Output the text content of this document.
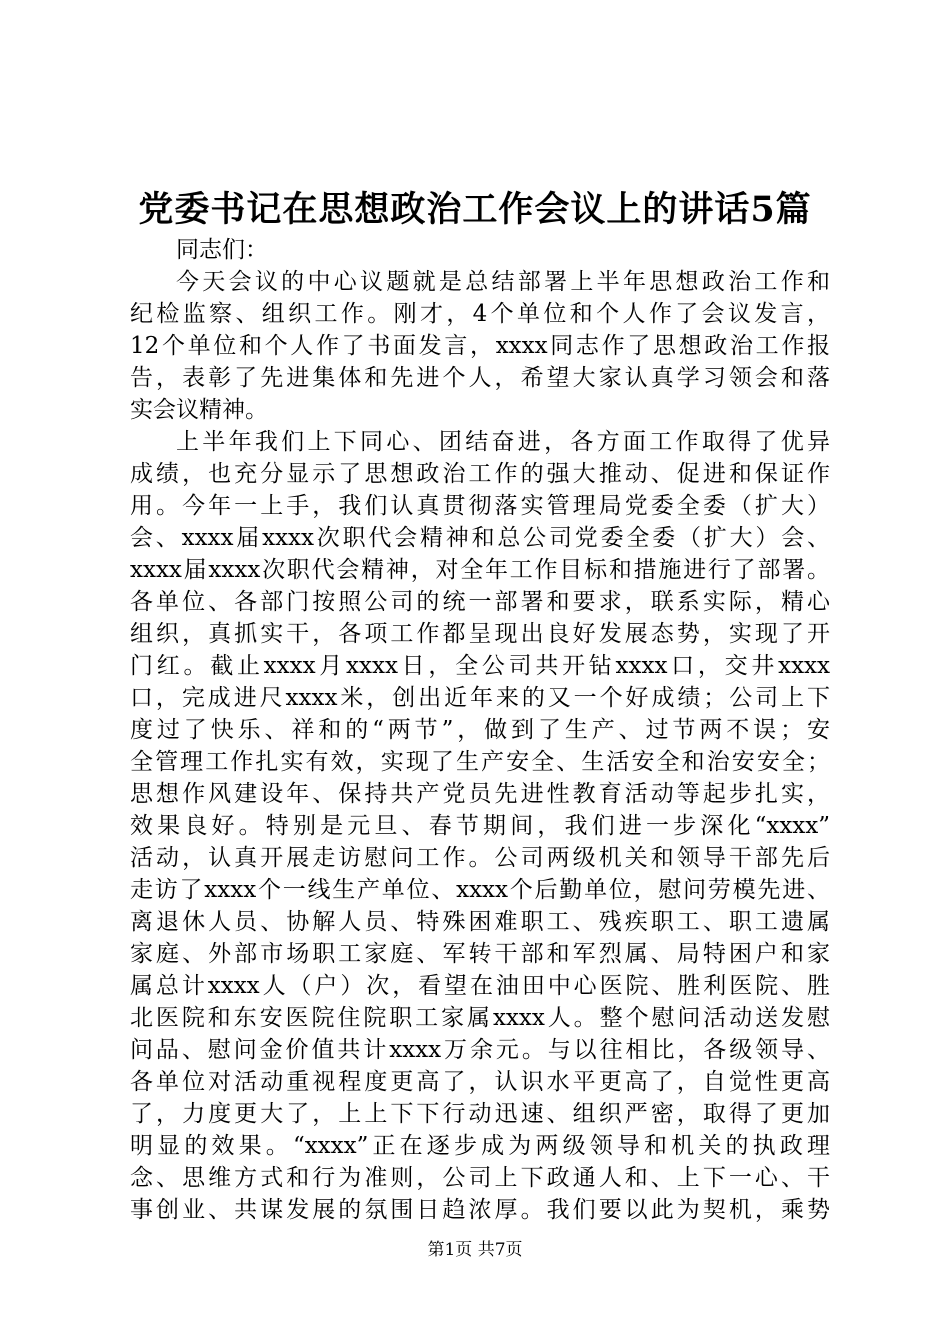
党委书记在思想政治工作会议上的讲话5篇
同志们：
今天会议的中心议题就是总结部署上半年思想政治工作和
纪检监察、组织工作。刚才，4个单位和个人作了会议发言，
12个单位和个人作了书面发言，xxxx同志作了思想政治工作报
告，表彰了先进集体和先进个人，希望大家认真学习领会和落
实会议精神。
上半年我们上下同心、团结奋进，各方面工作取得了优异
成绩，也充分显示了思想政治工作的强大推动、促进和保证作
用。今年一上手，我们认真贯彻落实管理局党委全委（扩大）
会、xxxx届xxxx次职代会精神和总公司党委全委（扩大）会、
xxxx届xxxx次职代会精神，对全年工作目标和措施进行了部署。
各单位、各部门按照公司的统一部署和要求，联系实际，精心
组织，真抓实干，各项工作都呈现出良好发展态势，实现了开
门红。截止xxxx月xxxx日，全公司共开钻xxxx口，交井xxxx
口，完成进尺xxxx米，创出近年来的又一个好成绩；公司上下
度过了快乐、祥和的“两节”，做到了生产、过节两不误；安
全管理工作扎实有效，实现了生产安全、生活安全和治安安全；
思想作风建设年、保持共产党员先进性教育活动等起步扎实，
效果良好。特别是元旦、春节期间，我们进一步深化“xxxx”
活动，认真开展走访慰问工作。公司两级机关和领导干部先后
走访了xxxx个一线生产单位、xxxx个后勤单位，慰问劳模先进、
离退休人员、协解人员、特殊困难职工、残疾职工、职工遗属
家庭、外部市场职工家庭、军转干部和军烈属、局特困户和家
属总计xxxx人（户）次，看望在油田中心医院、胜利医院、胜
北医院和东安医院住院职工家属xxxx人。整个慰问活动送发慰
问品、慰问金价值共计xxxx万余元。与以往相比，各级领导、
各单位对活动重视程度更高了，认识水平更高了，自觉性更高
了，力度更大了，上上下下行动迅速、组织严密，取得了更加
明显的效果。“xxxx”正在逐步成为两级领导和机关的执政理
念、思维方式和行为准则，公司上下政通人和、上下一心、干
事创业、共谋发展的氛围日趋浓厚。我们要以此为契机，乘势
第1页 共7页
